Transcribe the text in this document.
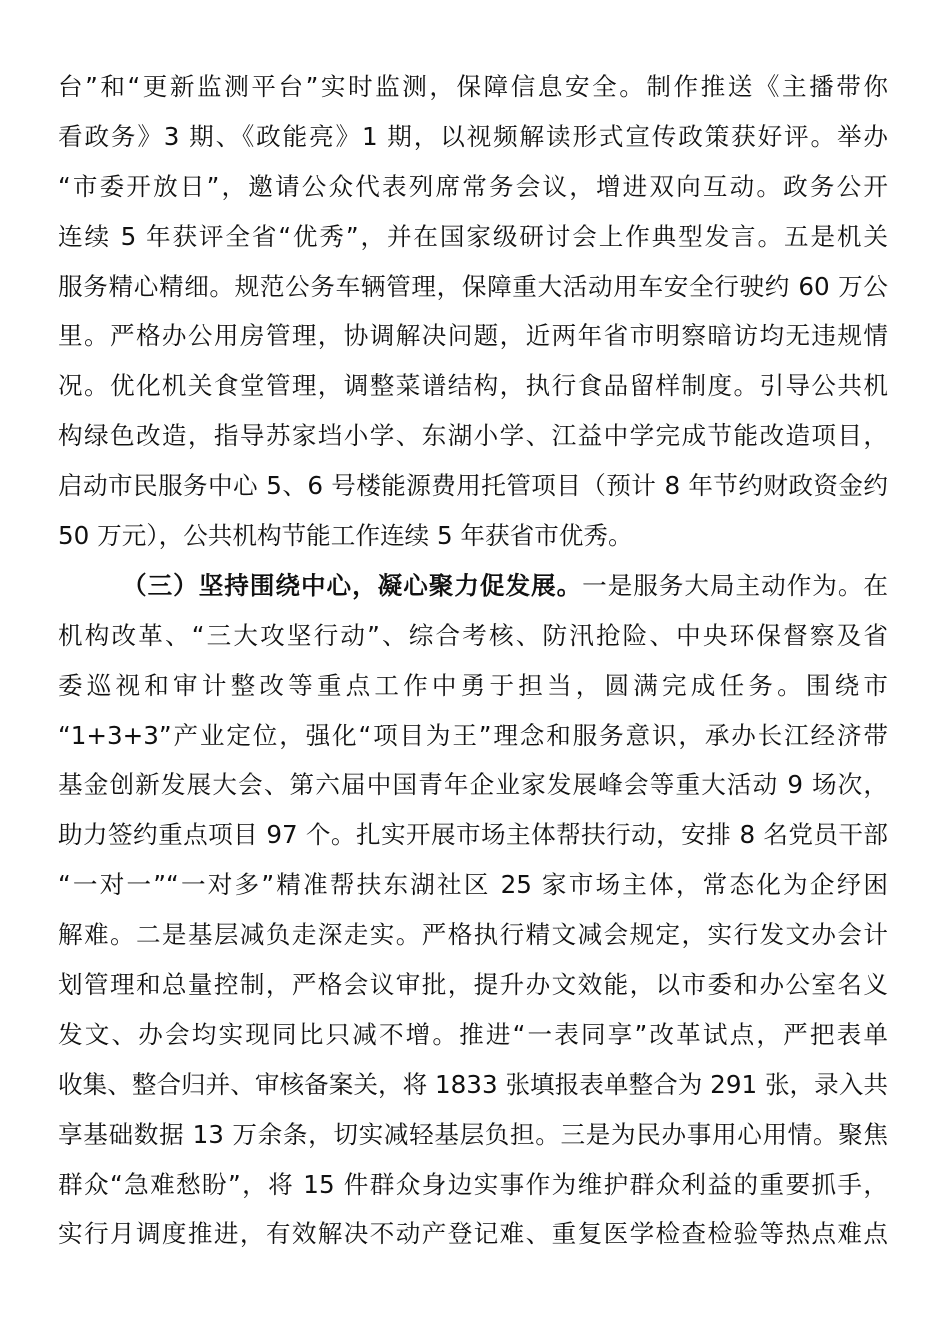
台”和“更新监测平台”实时监测，保障信息安全。制作推送《主播带你
看政务》3 期、《政能亮》1 期，以视频解读形式宣传政策获好评。举办
“市委开放日”，邀请公众代表列席常务会议，增进双向互动。政务公开
连续 5 年获评全省“优秀”，并在国家级研讨会上作典型发言。五是机关
服务精心精细。规范公务车辆管理，保障重大活动用车安全行驶约 60 万公
里。严格办公用房管理，协调解决问题，近两年省市明察暗访均无违规情
况。优化机关食堂管理，调整菜谱结构，执行食品留样制度。引导公共机
构绿色改造，指导苏家垱小学、东湖小学、江益中学完成节能改造项目，
启动市民服务中心 5、6 号楼能源费用托管项目（预计 8 年节约财政资金约
50 万元），公共机构节能工作连续 5 年获省市优秀。
（三）坚持围绕中心，凝心聚力促发展。一是服务大局主动作为。在
机构改革、“三大攻坚行动”、综合考核、防汛抢险、中央环保督察及省
委巡视和审计整改等重点工作中勇于担当，圆满完成任务。围绕市
“1+3+3”产业定位，强化“项目为王”理念和服务意识，承办长江经济带
基金创新发展大会、第六届中国青年企业家发展峰会等重大活动 9 场次，
助力签约重点项目 97 个。扎实开展市场主体帮扶行动，安排 8 名党员干部
“一对一”“一对多”精准帮扶东湖社区 25 家市场主体，常态化为企纾困
解难。二是基层减负走深走实。严格执行精文减会规定，实行发文办会计
划管理和总量控制，严格会议审批，提升办文效能，以市委和办公室名义
发文、办会均实现同比只减不增。推进“一表同享”改革试点，严把表单
收集、整合归并、审核备案关，将 1833 张填报表单整合为 291 张，录入共
享基础数据 13 万余条，切实减轻基层负担。三是为民办事用心用情。聚焦
群众“急难愁盼”，将 15 件群众身边实事作为维护群众利益的重要抓手，
实行月调度推进，有效解决不动产登记难、重复医学检查检验等热点难点
